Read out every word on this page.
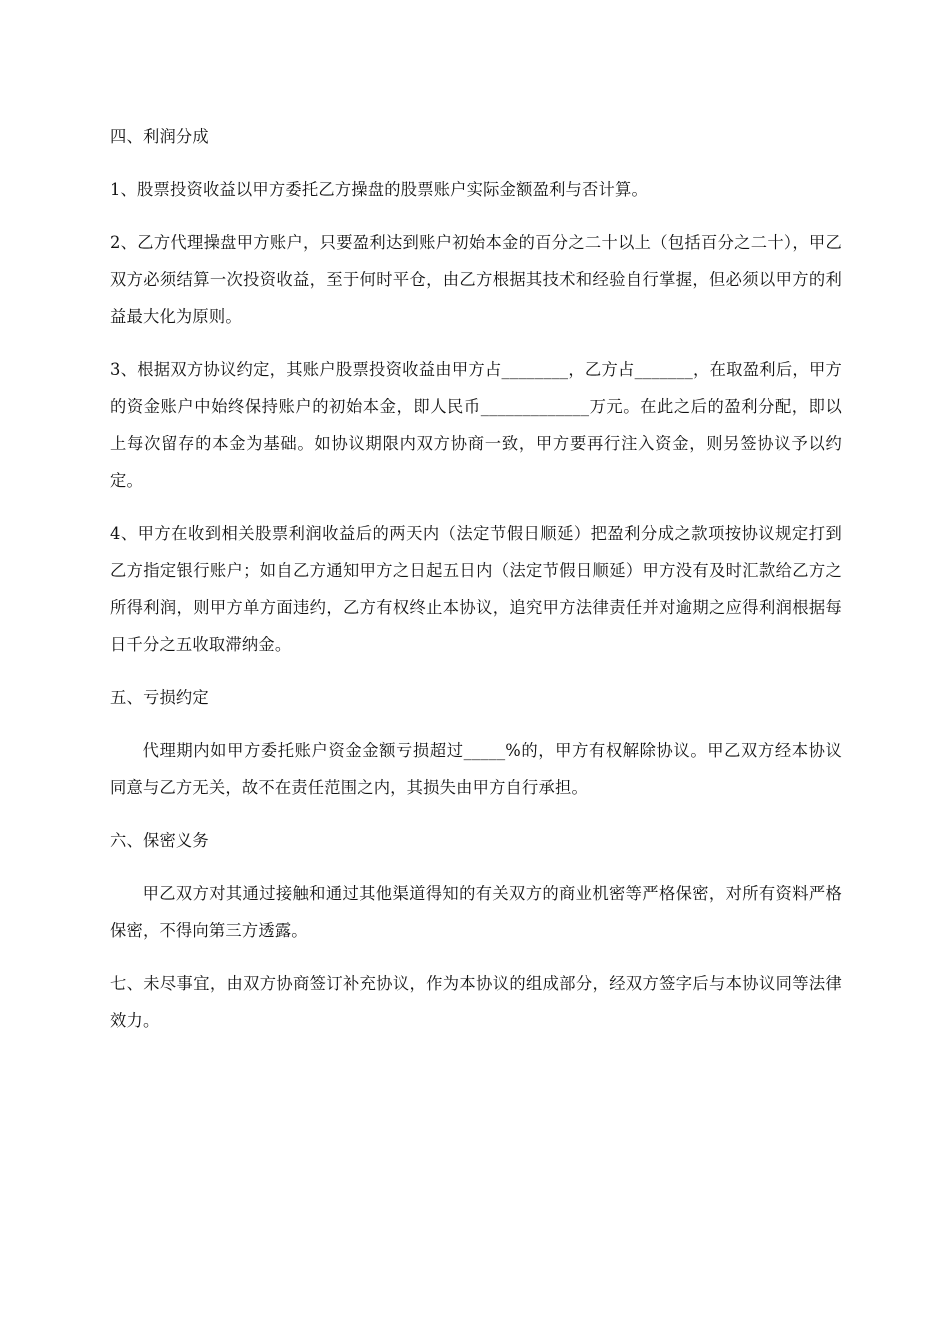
四、利润分成
1、股票投资收益以甲方委托乙方操盘的股票账户实际金额盈利与否计算。
2、乙方代理操盘甲方账户，只要盈利达到账户初始本金的百分之二十以上（包括百分之二十），甲乙双方必须结算一次投资收益，至于何时平仓，由乙方根据其技术和经验自行掌握，但必须以甲方的利益最大化为原则。
3、根据双方协议约定，其账户股票投资收益由甲方占________，乙方占_______，在取盈利后，甲方的资金账户中始终保持账户的初始本金，即人民币_____________万元。在此之后的盈利分配，即以上每次留存的本金为基础。如协议期限内双方协商一致，甲方要再行注入资金，则另签协议予以约定。
4、甲方在收到相关股票利润收益后的两天内（法定节假日顺延）把盈利分成之款项按协议规定打到乙方指定银行账户；如自乙方通知甲方之日起五日内（法定节假日顺延）甲方没有及时汇款给乙方之所得利润，则甲方单方面违约，乙方有权终止本协议，追究甲方法律责任并对逾期之应得利润根据每日千分之五收取滞纳金。
五、亏损约定
代理期内如甲方委托账户资金金额亏损超过_____%的，甲方有权解除协议。甲乙双方经本协议同意与乙方无关，故不在责任范围之内，其损失由甲方自行承担。
六、保密义务
甲乙双方对其通过接触和通过其他渠道得知的有关双方的商业机密等严格保密，对所有资料严格保密，不得向第三方透露。
七、未尽事宜，由双方协商签订补充协议，作为本协议的组成部分，经双方签字后与本协议同等法律效力。
